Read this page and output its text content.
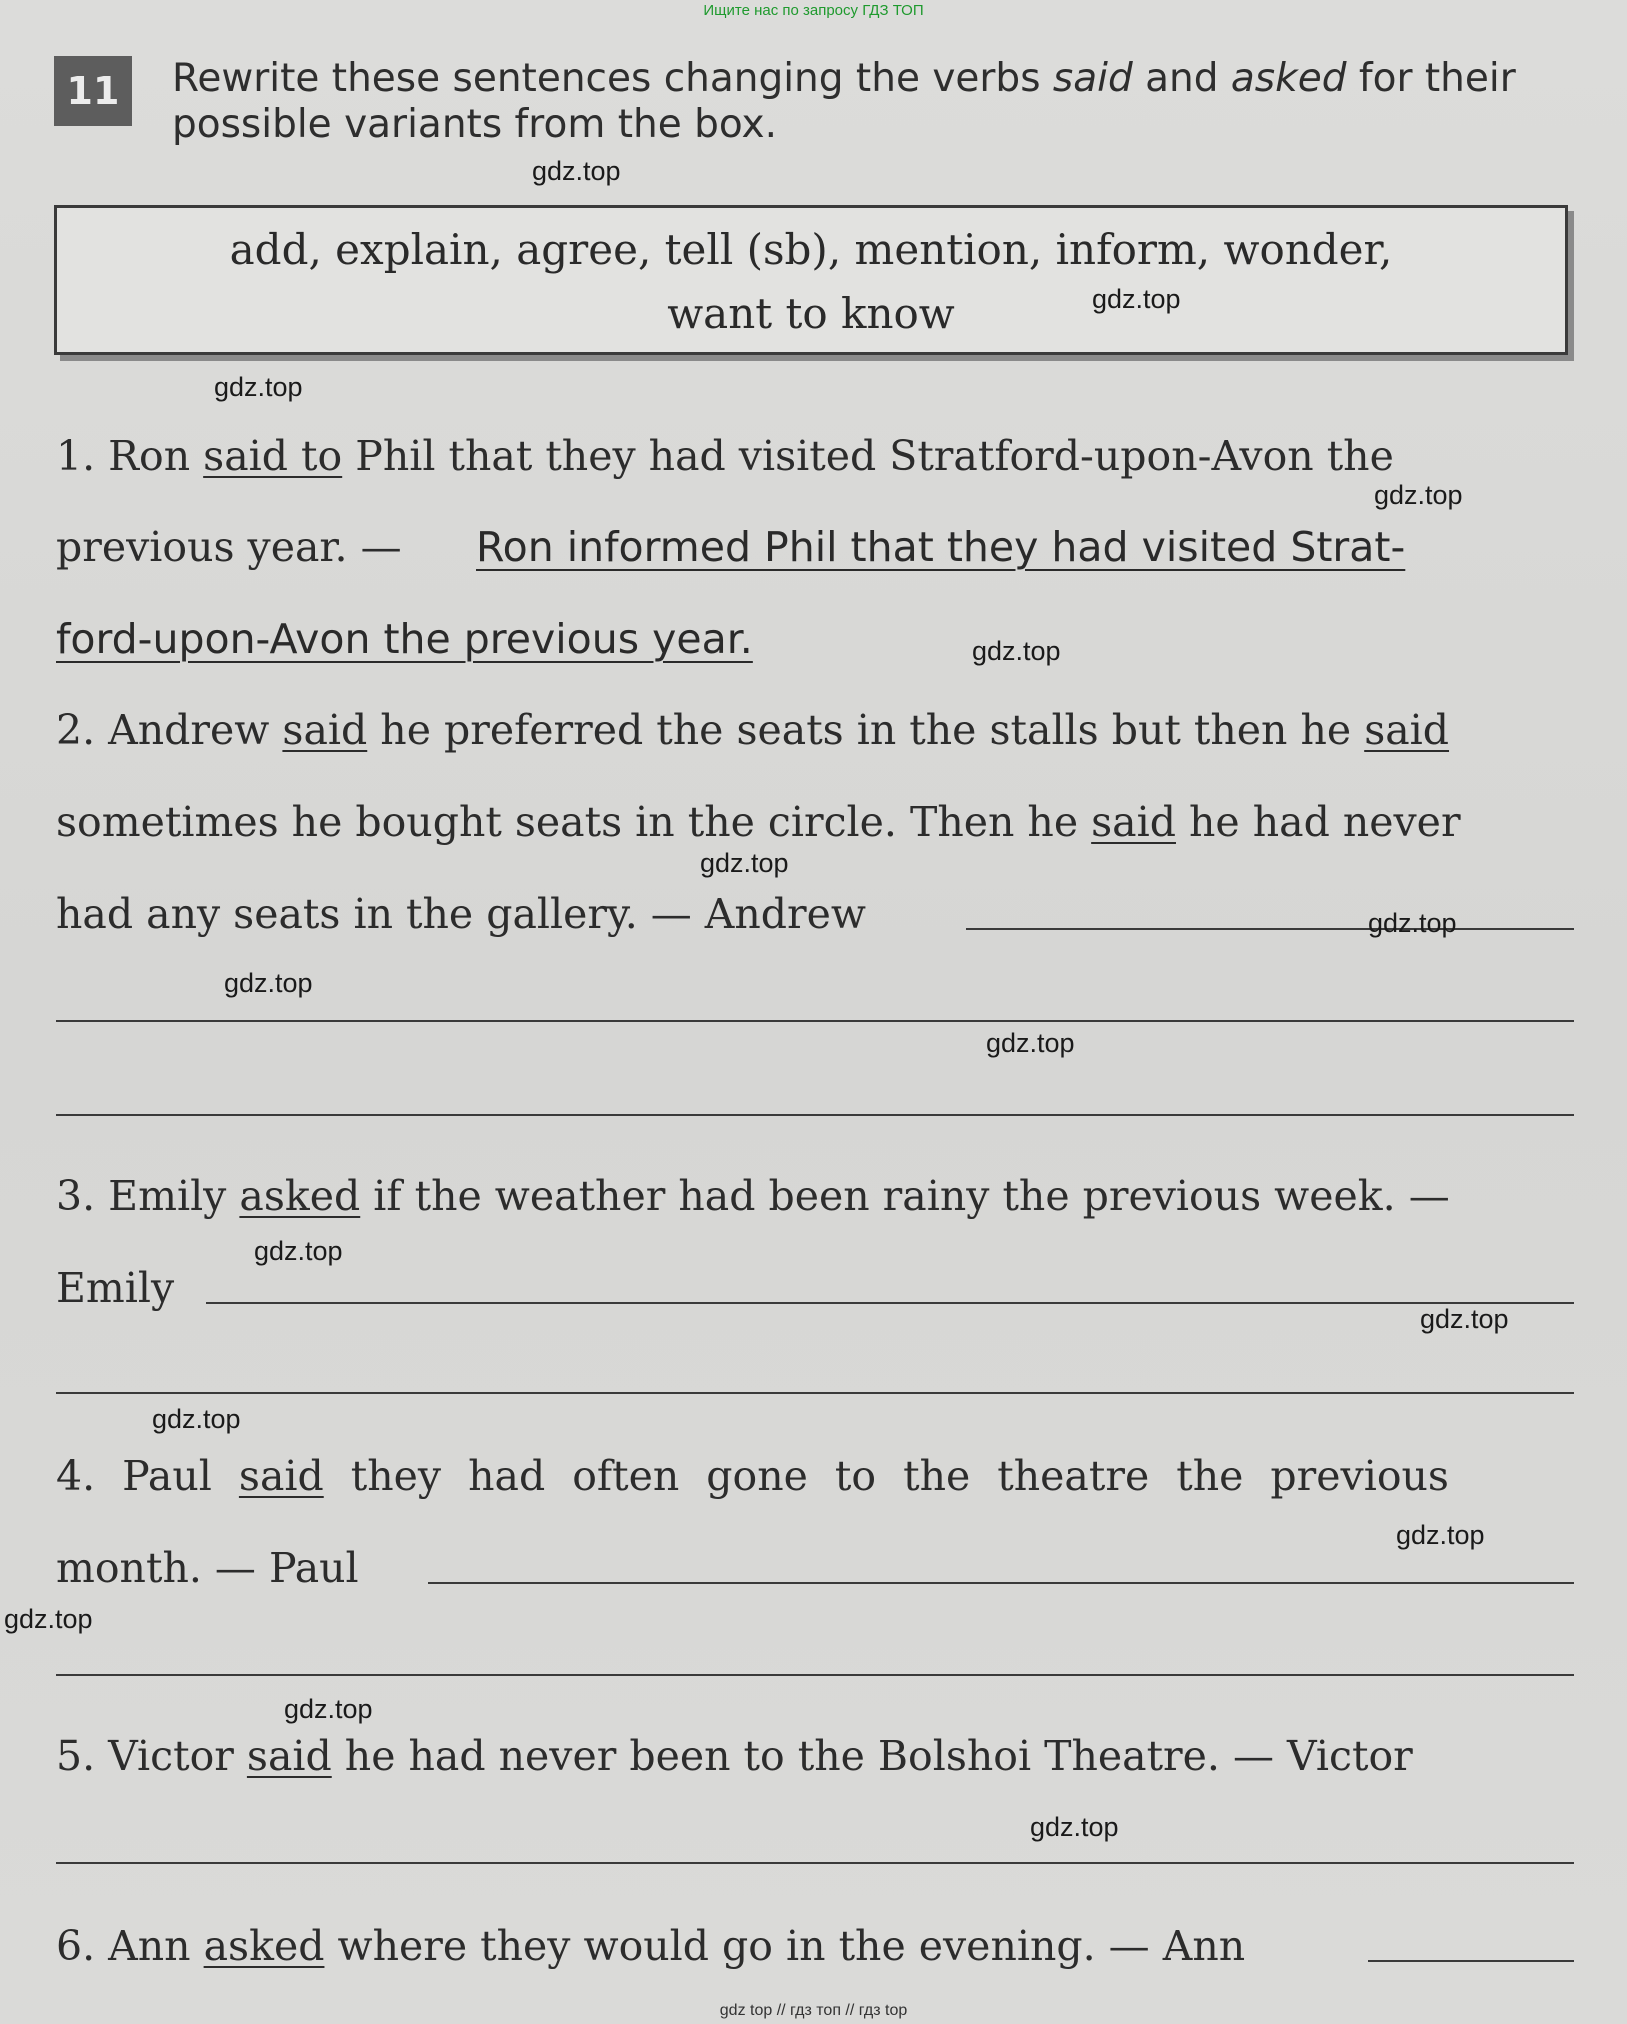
Ищите нас по запросу ГДЗ ТОП

11	Rewrite these sentences changing the verbs said and asked for their
possible variants from the box.
add, explain, agree, tell (sb), mention, inform, wonder,
want to know
1. Ron said to Phil that they had visited Stratford-upon-Avon the
previous year. — Ron informed Phil that they had visited Strat-
ford-upon-Avon the previous year.
2. Andrew said he preferred the seats in the stalls but then he said
sometimes he bought seats in the circle. Then he said he had never
had any seats in the gallery. — Andrew
3. Emily asked if the weather had been rainy the previous week. —
Emily
4. Paul said they had often gone to the theatre the previous
month. — Paul
5. Victor said he had never been to the Bolshoi Theatre. — Victor
6. Ann asked where they would go in the evening. — Ann
gdz.top
gdz.top
gdz.top
gdz.top
gdz.top
gdz.top
gdz.top
gdz.top
gdz.top
gdz.top
gdz.top
gdz.top
gdz.top
gdz.top
gdz.top
gdz.top
gdz top // гдз топ // гдз top
